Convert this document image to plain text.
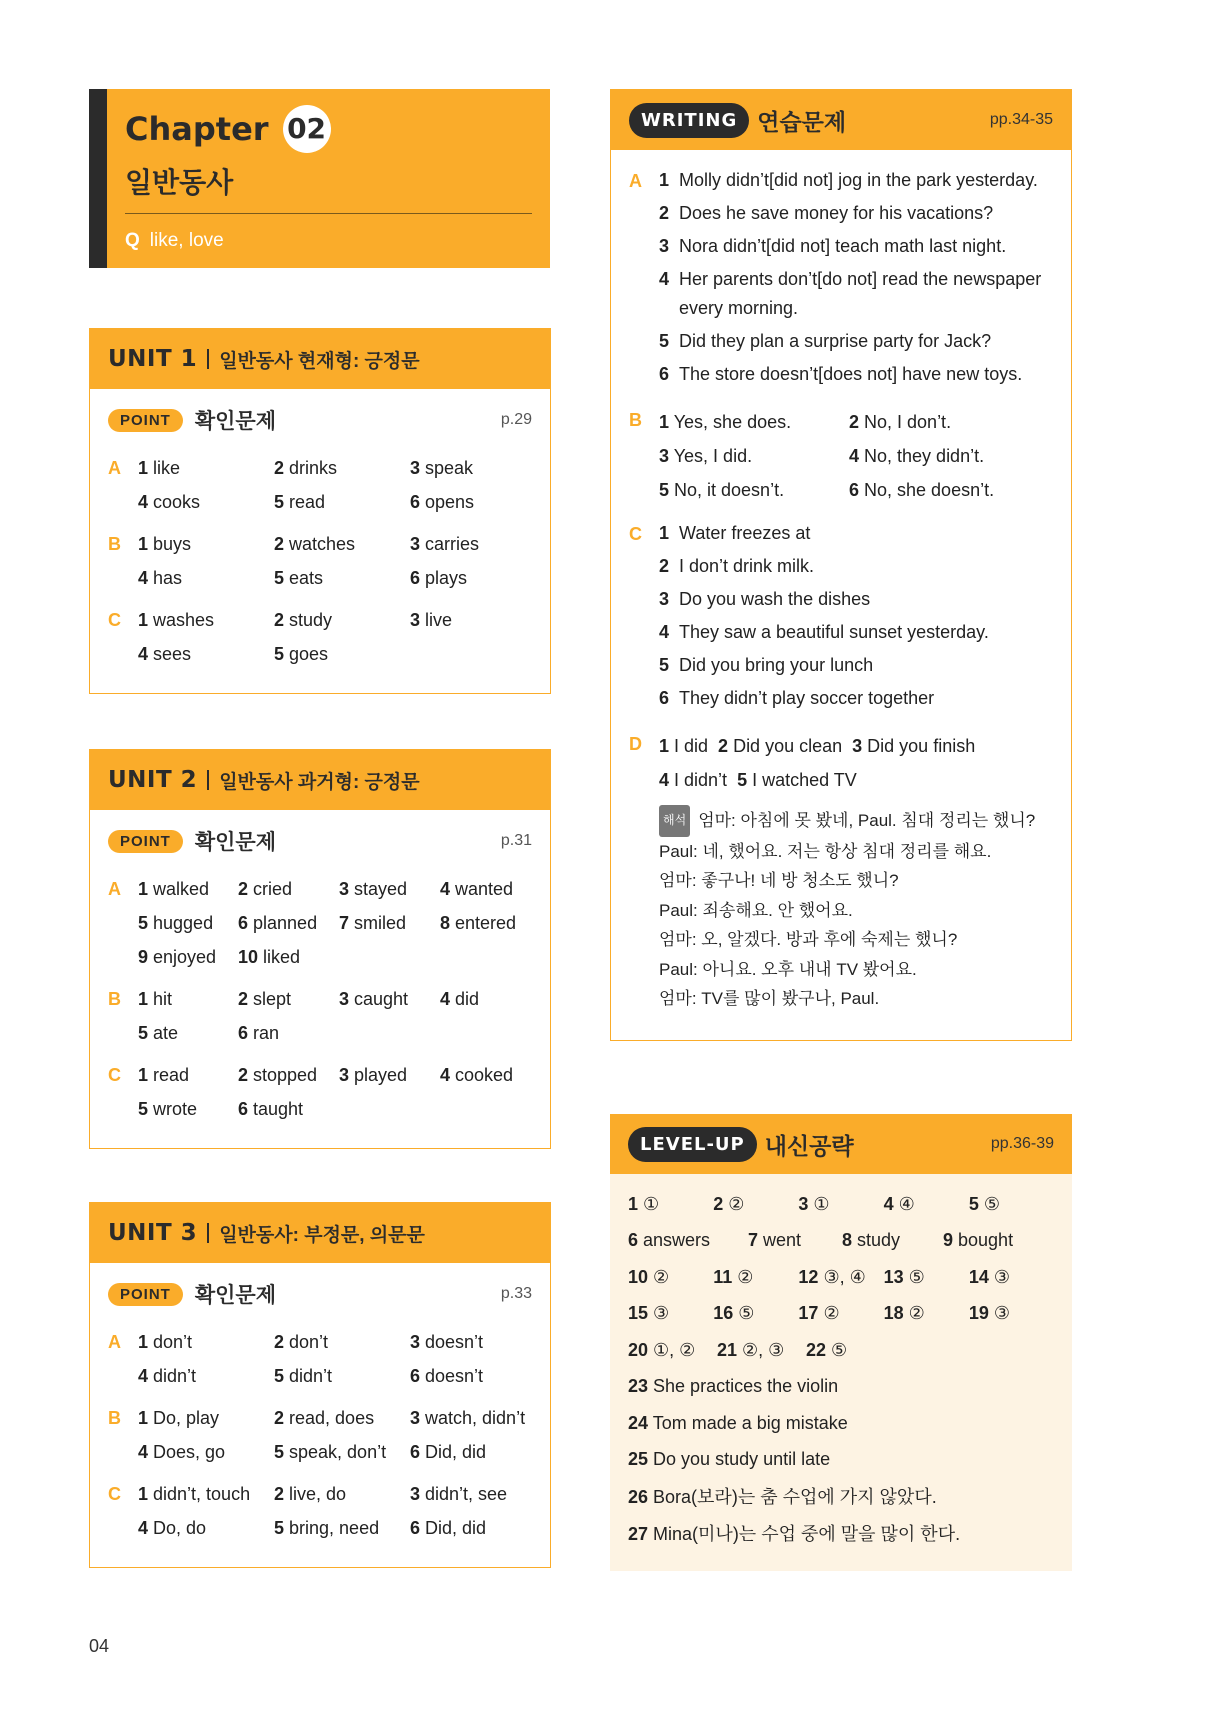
Chapter 02
일반동사
Q like, love
UNIT 1 일반동사 현재형: 긍정문
POINT	확인문제	p.29
A 1 like	2 drinks	3 speak
4 cooks	5 read	6 opens
B 1 buys	2 watches	3 carries
4 has	5 eats	6 plays
C 1 washes	2 study	3 live
4 sees	5 goes
UNIT 2 일반동사 과거형: 긍정문
POINT	확인문제	p.31
A 1 walked	2 cried	3 stayed	4 wanted
5 hugged	6 planned	7 smiled	8 entered
9 enjoyed	10 liked
B 1 hit	2 slept	3 caught	4 did
5 ate	6 ran
C 1 read	2 stopped	3 played	4 cooked
5 wrote	6 taught
UNIT 3 일반동사: 부정문, 의문문
POINT	확인문제	p.33
A 1 don’t	2 don’t	3 doesn’t
4 didn’t	5 didn’t	6 doesn’t
B 1 Do, play	2 read, does	3 watch, didn’t
4 Does, go	5 speak, don’t	6 Did, did
C 1 didn’t, touch	2 live, do	3 didn’t, see
4 Do, do	5 bring, need	6 Did, did
WRITING 연습문제	pp.34-35
A 1 Molly didn’t[did not] jog in the park yesterday.
2 Does he save money for his vacations?
3 Nora didn’t[did not] teach math last night.
4 Her parents don’t[do not] read the newspaper every morning.
5 Did they plan a surprise party for Jack?
6 The store doesn’t[does not] have new toys.
B 1 Yes, she does.	2 No, I don’t.
3 Yes, I did.	4 No, they didn’t.
5 No, it doesn’t.	6 No, she doesn’t.
C 1 Water freezes at
2 I don’t drink milk.
3 Do you wash the dishes
4 They saw a beautiful sunset yesterday.
5 Did you bring your lunch
6 They didn’t play soccer together
D 1 I did 2 Did you clean 3 Did you finish
4 I didn’t 5 I watched TV
해석 엄마: 아침에 못 봤네, Paul. 침대 정리는 했니?
Paul: 네, 했어요. 저는 항상 침대 정리를 해요.
엄마: 좋구나! 네 방 청소도 했니?
Paul: 죄송해요. 안 했어요.
엄마: 오, 알겠다. 방과 후에 숙제는 했니?
Paul: 아니요. 오후 내내 TV 봤어요.
엄마: TV를 많이 봤구나, Paul.
LEVEL-UP 내신공략	pp.36-39
1 ①	2 ②	3 ①	4 ④	5 ⑤
6 answers	7 went	8 study	9 bought
10 ②	11 ②	12 ③, ④ 13 ⑤	14 ③
15 ③	16 ⑤	17 ②	18 ②	19 ③
20 ①, ②	21 ②, ③	22 ⑤
23 She practices the violin
24 Tom made a big mistake
25 Do you study until late
26 Bora(보라)는 춤 수업에 가지 않았다.
27 Mina(미나)는 수업 중에 말을 많이 한다.
04
